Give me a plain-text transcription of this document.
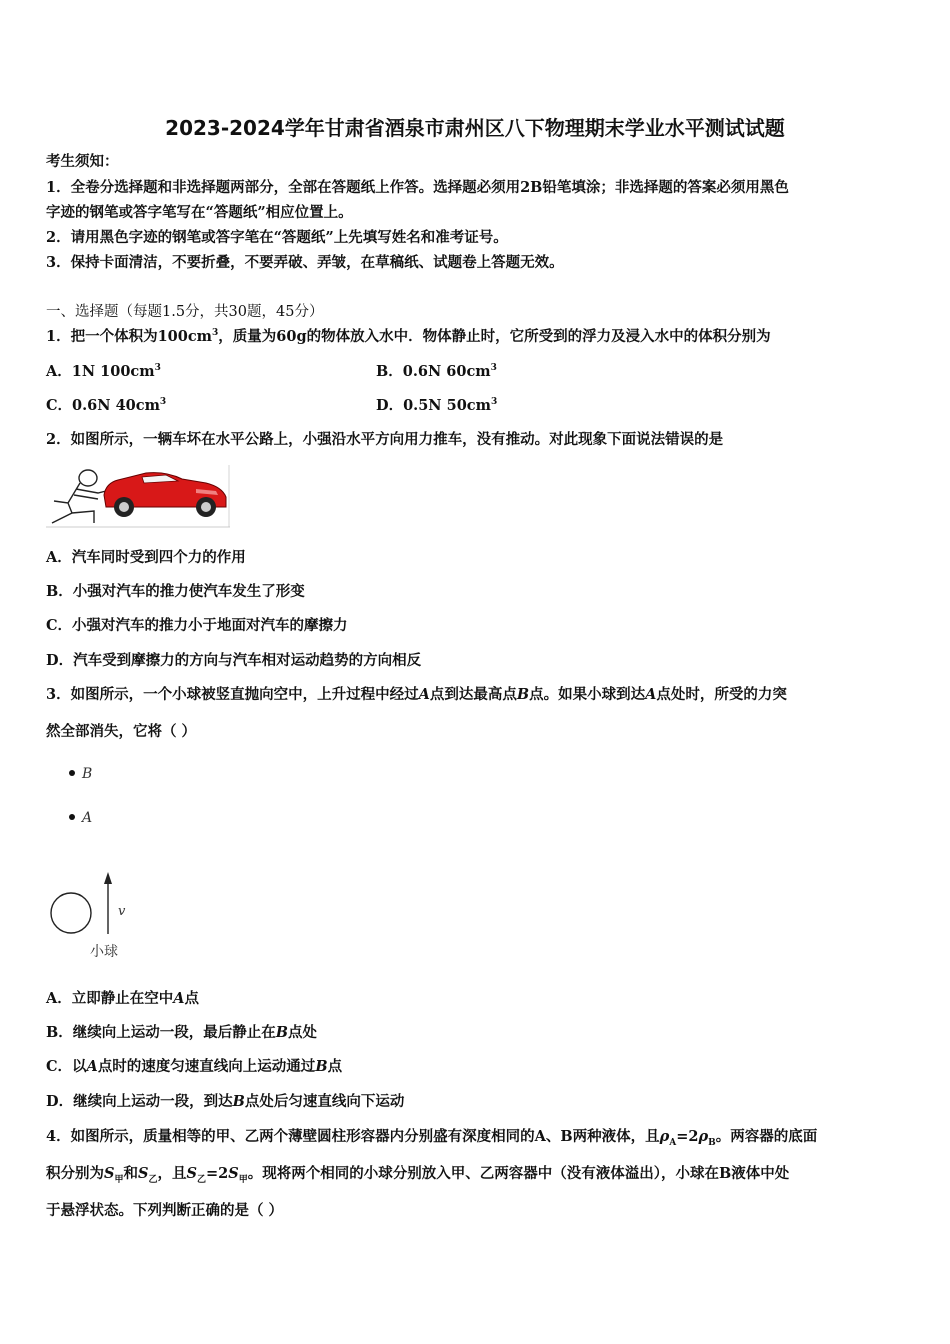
2023-2024学年甘肃省酒泉市肃州区八下物理期末学业水平测试试题
考生须知：
1．全卷分选择题和非选择题两部分，全部在答题纸上作答。选择题必须用2B铅笔填涂；非选择题的答案必须用黑色
字迹的钢笔或答字笔写在“答题纸”相应位置上。
2．请用黑色字迹的钢笔或答字笔在“答题纸”上先填写姓名和准考证号。
3．保持卡面清洁，不要折叠，不要弄破、弄皱，在草稿纸、试题卷上答题无效。
一、选择题（每题1.5分，共30题，45分）
1．把一个体积为$100cm^3$，质量为60g的物体放入水中．物体静止时，它所受到的浮力及浸入水中的体积分别为
A．1N $100cm^3$	B．0.6N $60cm^3$
C．0.6N $40cm^3$	D．0.5N $50cm^3$
2．如图所示，一辆车坏在水平公路上，小强沿水平方向用力推车，没有推动。对此现象下面说法错误的是
A．汽车同时受到四个力的作用
B．小强对汽车的推力使汽车发生了形变
C．小强对汽车的推力小于地面对汽车的摩擦力
D．汽车受到摩擦力的方向与汽车相对运动趋势的方向相反
3．如图所示，一个小球被竖直抛向空中，上升过程中经过A点到达最高点B点。如果小球到达A点处时，所受的力突
然全部消失，它将（ ）
B
A
v
小球
A．立即静止在空中A点
B．继续向上运动一段，最后静止在B点处
C．以A点时的速度匀速直线向上运动通过B点
D．继续向上运动一段，到达B点处后匀速直线向下运动
4．如图所示，质量相等的甲、乙两个薄壁圆柱形容器内分别盛有深度相同的A、B两种液体，且$\rho_A=2\rho_B$。两容器的底面
积分别为$S_甲$和$S_乙$，且$S_乙=2S_甲$。现将两个相同的小球分别放入甲、乙两容器中（没有液体溢出），小球在B液体中处
于悬浮状态。下列判断正确的是（ ）
